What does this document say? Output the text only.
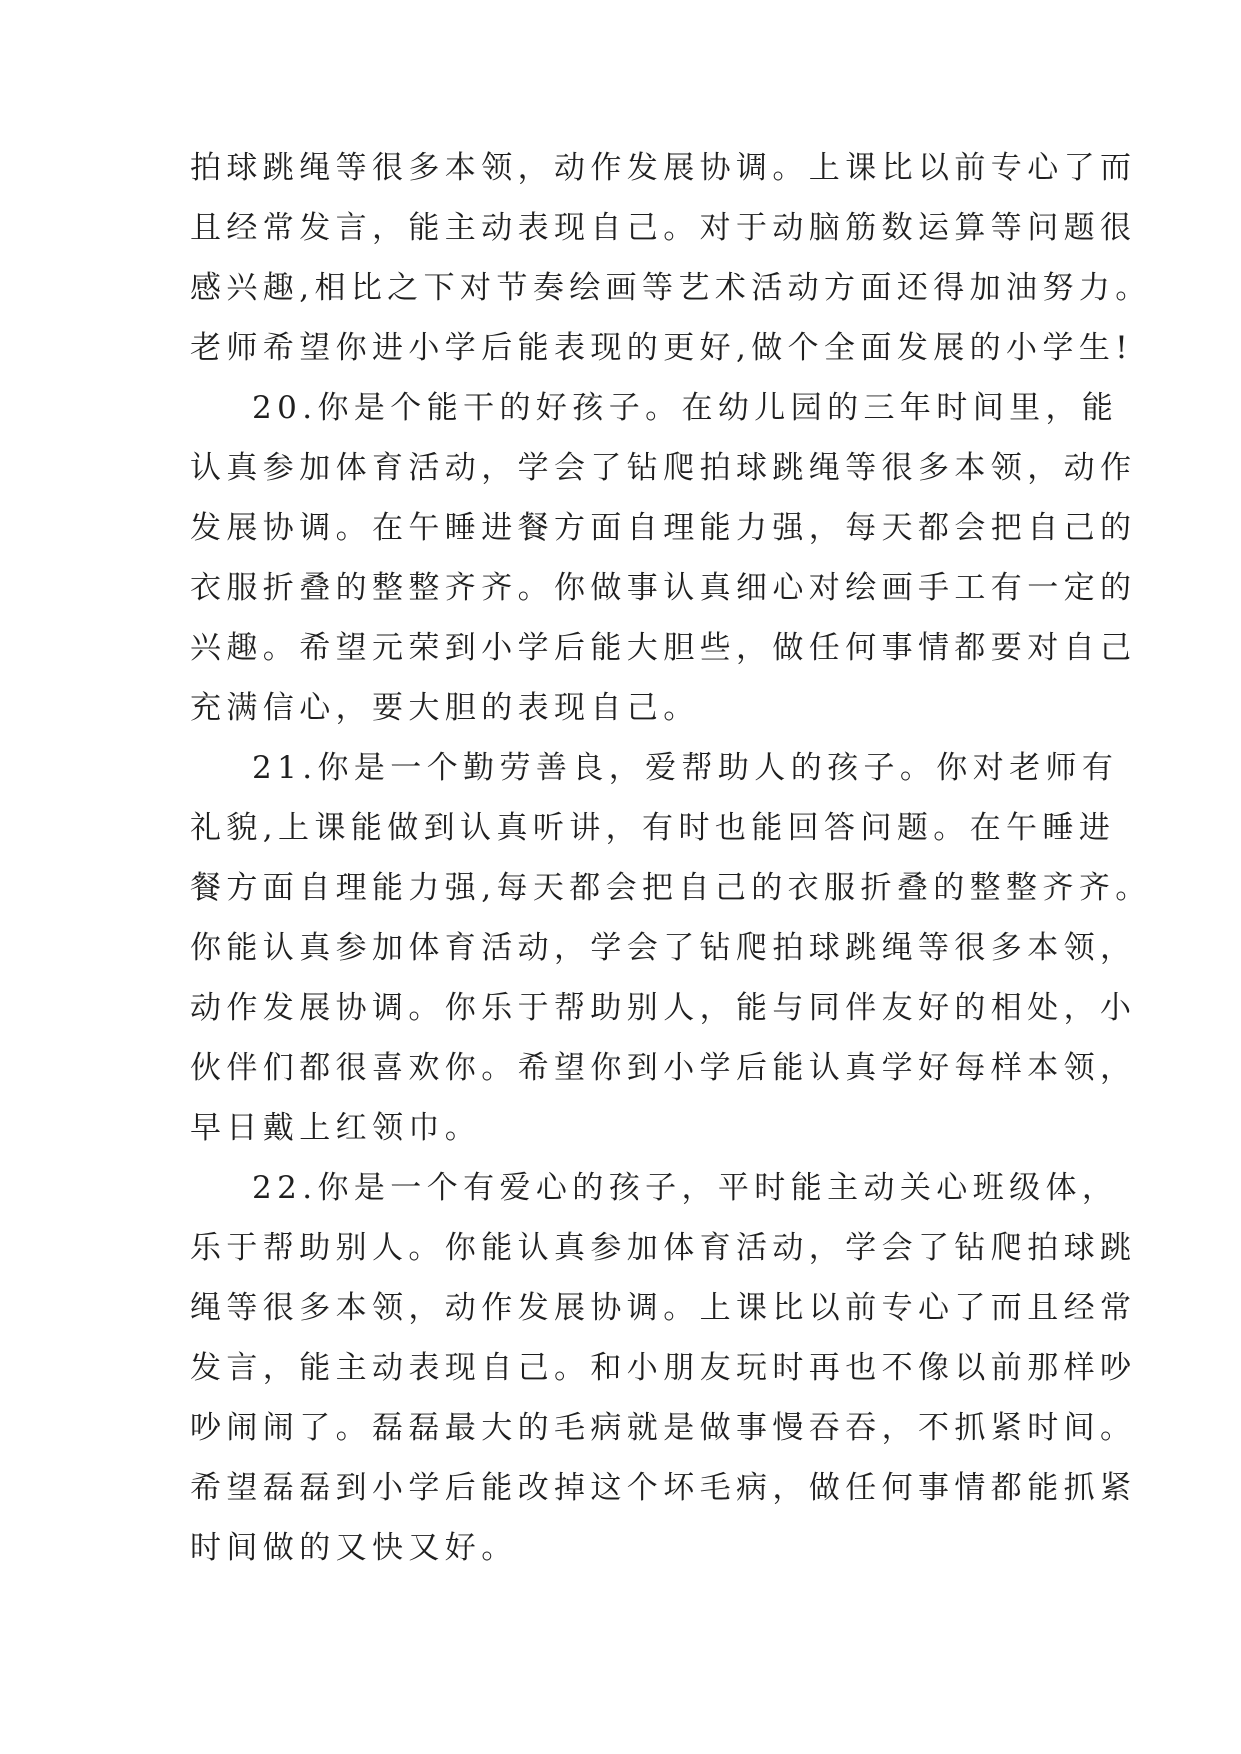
拍球跳绳等很多本领，动作发展协调。上课比以前专心了而
且经常发言，能主动表现自己。对于动脑筋数运算等问题很
感兴趣,相比之下对节奏绘画等艺术活动方面还得加油努力。
老师希望你进小学后能表现的更好,做个全面发展的小学生!
20.你是个能干的好孩子。在幼儿园的三年时间里，能
认真参加体育活动，学会了钻爬拍球跳绳等很多本领，动作
发展协调。在午睡进餐方面自理能力强，每天都会把自己的
衣服折叠的整整齐齐。你做事认真细心对绘画手工有一定的
兴趣。希望元荣到小学后能大胆些，做任何事情都要对自己
充满信心，要大胆的表现自己。
21.你是一个勤劳善良，爱帮助人的孩子。你对老师有
礼貌,上课能做到认真听讲，有时也能回答问题。在午睡进
餐方面自理能力强,每天都会把自己的衣服折叠的整整齐齐。
你能认真参加体育活动，学会了钻爬拍球跳绳等很多本领，
动作发展协调。你乐于帮助别人，能与同伴友好的相处，小
伙伴们都很喜欢你。希望你到小学后能认真学好每样本领，
早日戴上红领巾。
22.你是一个有爱心的孩子，平时能主动关心班级体，
乐于帮助别人。你能认真参加体育活动，学会了钻爬拍球跳
绳等很多本领，动作发展协调。上课比以前专心了而且经常
发言，能主动表现自己。和小朋友玩时再也不像以前那样吵
吵闹闹了。磊磊最大的毛病就是做事慢吞吞，不抓紧时间。
希望磊磊到小学后能改掉这个坏毛病，做任何事情都能抓紧
时间做的又快又好。
